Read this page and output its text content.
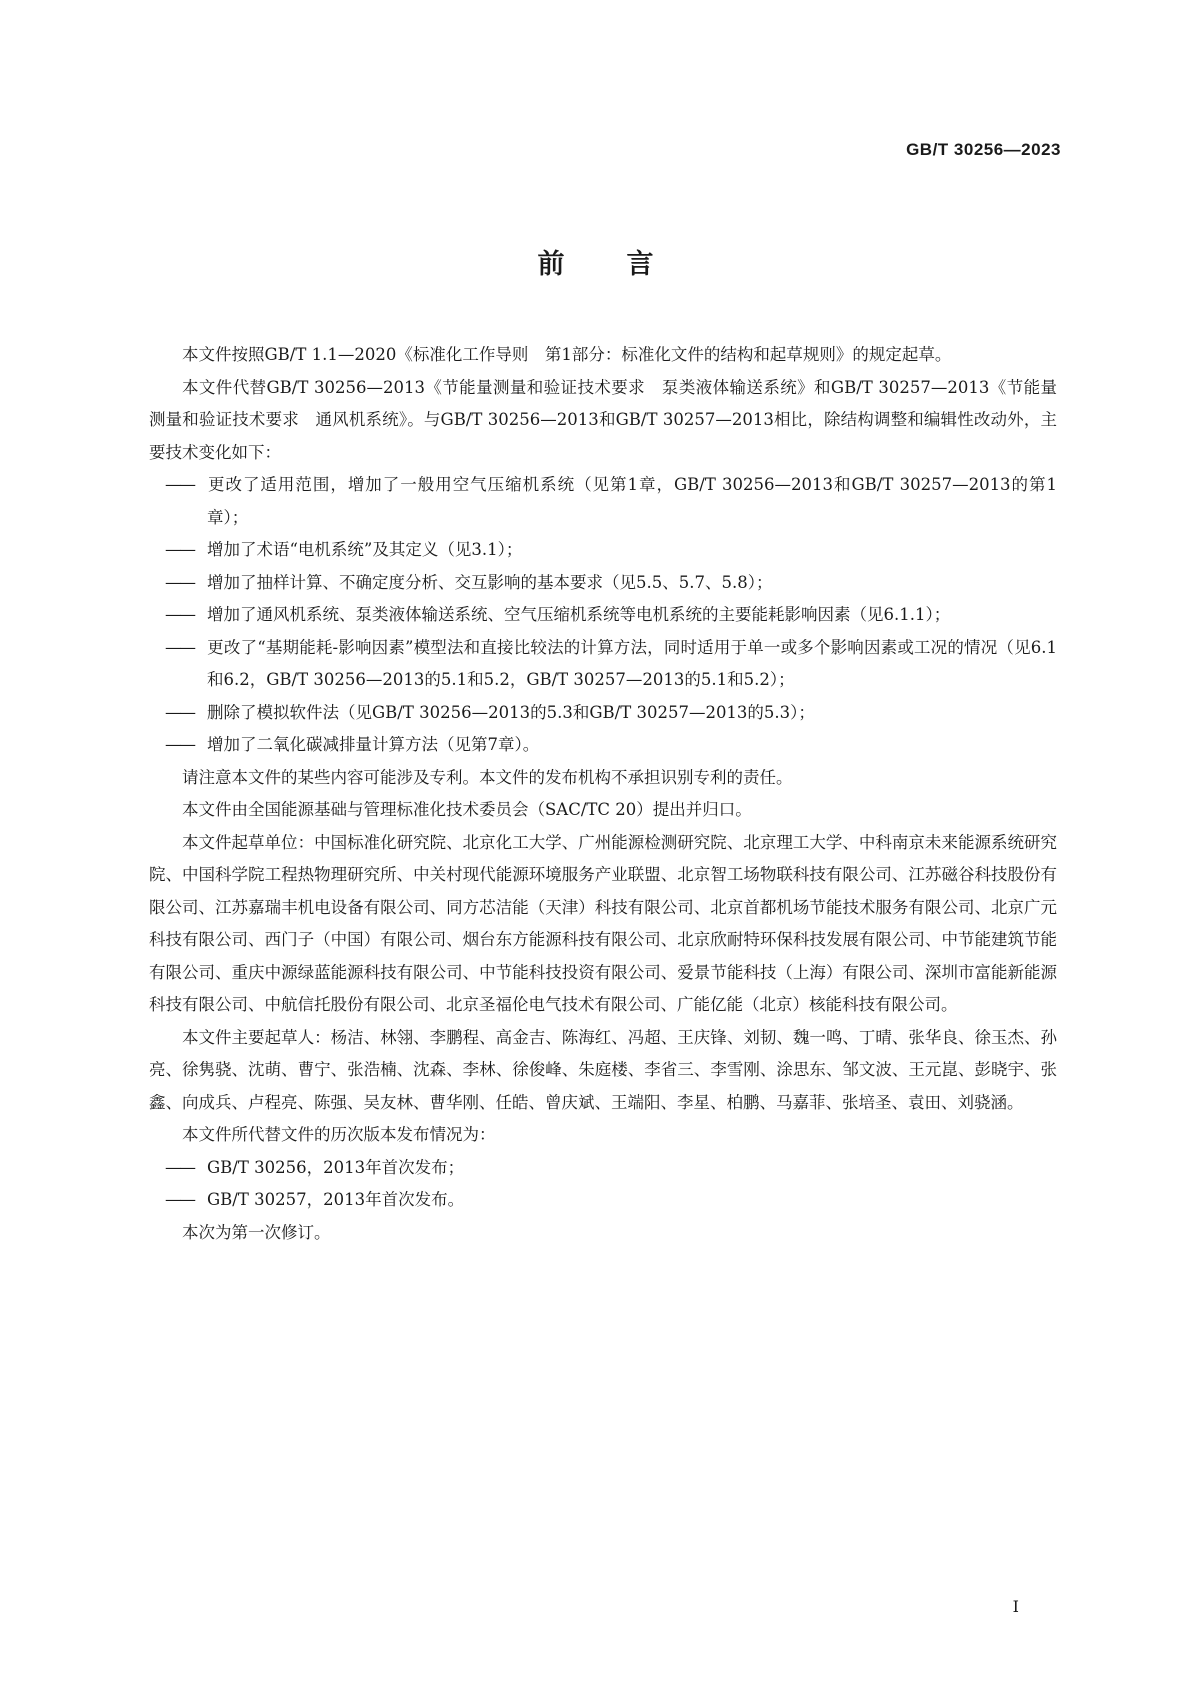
GB/T 30256—2023
前言

本文件按照GB/T 1.1—2020《标准化工作导则　第1部分：标准化文件的结构和起草规则》的规定起草。

本文件代替GB/T 30256—2013《节能量测量和验证技术要求　泵类液体输送系统》和GB/T 30257—2013《节能量测量和验证技术要求　通风机系统》。与GB/T 30256—2013和GB/T 30257—2013相比，除结构调整和编辑性改动外，主要技术变化如下：

—— 更改了适用范围，增加了一般用空气压缩机系统（见第1章，GB/T 30256—2013和GB/T 30257—2013的第1章）；

—— 增加了术语“电机系统”及其定义（见3.1）；

—— 增加了抽样计算、不确定度分析、交互影响的基本要求（见5.5、5.7、5.8）；

—— 增加了通风机系统、泵类液体输送系统、空气压缩机系统等电机系统的主要能耗影响因素（见6.1.1）；

—— 更改了“基期能耗-影响因素”模型法和直接比较法的计算方法，同时适用于单一或多个影响因素或工况的情况（见6.1和6.2，GB/T 30256—2013的5.1和5.2，GB/T 30257—2013的5.1和5.2）；

—— 删除了模拟软件法（见GB/T 30256—2013的5.3和GB/T 30257—2013的5.3）；

—— 增加了二氧化碳减排量计算方法（见第7章）。

请注意本文件的某些内容可能涉及专利。本文件的发布机构不承担识别专利的责任。

本文件由全国能源基础与管理标准化技术委员会（SAC/TC 20）提出并归口。

本文件起草单位：中国标准化研究院、北京化工大学、广州能源检测研究院、北京理工大学、中科南京未来能源系统研究院、中国科学院工程热物理研究所、中关村现代能源环境服务产业联盟、北京智工场物联科技有限公司、江苏磁谷科技股份有限公司、江苏嘉瑞丰机电设备有限公司、同方芯洁能（天津）科技有限公司、北京首都机场节能技术服务有限公司、北京广元科技有限公司、西门子（中国）有限公司、烟台东方能源科技有限公司、北京欣耐特环保科技发展有限公司、中节能建筑节能有限公司、重庆中源绿蓝能源科技有限公司、中节能科技投资有限公司、爱景节能科技（上海）有限公司、深圳市富能新能源科技有限公司、中航信托股份有限公司、北京圣福伦电气技术有限公司、广能亿能（北京）核能科技有限公司。

本文件主要起草人：杨洁、林翎、李鹏程、高金吉、陈海红、冯超、王庆锋、刘韧、魏一鸣、丁晴、张华良、徐玉杰、孙亮、徐隽骁、沈萌、曹宁、张浩楠、沈森、李林、徐俊峰、朱庭楼、李省三、李雪刚、涂思东、邹文波、王元崑、彭晓宇、张鑫、向成兵、卢程亮、陈强、吴友林、曹华刚、任皓、曾庆斌、王端阳、李星、柏鹏、马嘉菲、张培圣、袁田、刘骁涵。

本文件所代替文件的历次版本发布情况为：

—— GB/T 30256，2013年首次发布；

—— GB/T 30257，2013年首次发布。

本次为第一次修订。

Ⅰ
